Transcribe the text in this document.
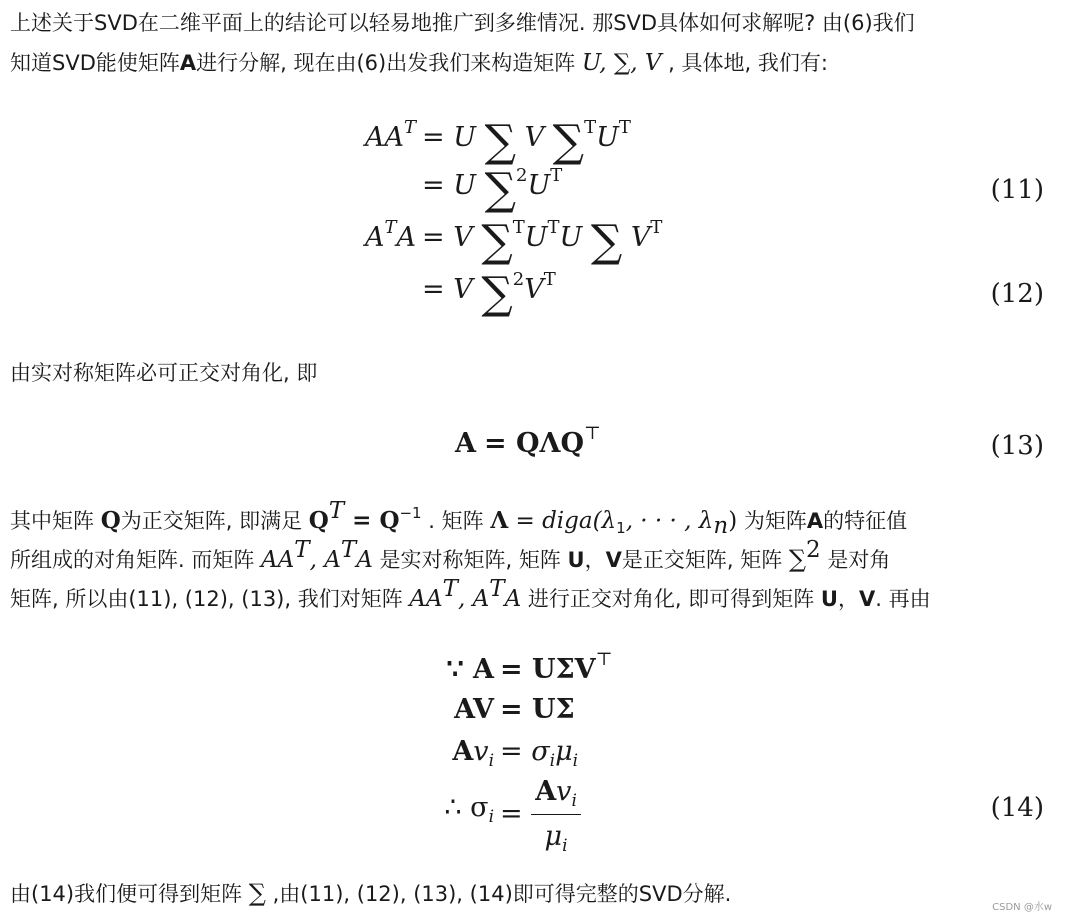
上述关于SVD在二维平面上的结论可以轻易地推广到多维情况. 那SVD具体如何求解呢? 由(6)我们
知道SVD能使矩阵A进行分解, 现在由(6)出发我们来构造矩阵 U, ∑, V , 具体地, 我们有:
$AA^T = U$ ∑ V $\sum^TU^T$
= U $\sum^2U^T$	(11)
$A^TA = V$ $\sum^TU^TU$ ∑ $V^T$
= V $\sum^2V^T$	(12)
由实对称矩阵必可正交对角化, 即
A = QΛQ⊤	(13)
其中矩阵 Q为正交矩阵, 即满足 $Q^T = Q^{-1}$ . 矩阵 $\Lambda = diga(\lambda_1$, · · · , $\lambda_n$) 为矩阵A的特征值
所组成的对角矩阵. 而矩阵 $AA^T$, $A^TA$ 是实对称矩阵, 矩阵 U，V是正交矩阵, 矩阵 ∑$^2$ 是对角
矩阵, 所以由(11), (12), (13), 我们对矩阵 $AA^T$, $A^TA$ 进行正交对角化, 即可得到矩阵 U，V. 再由
∵ A = UΣV⊤
AV = UΣ
$Av_i = \sigma_i\mu_i$
∴ $\sigma_i = \frac{Av_i}{\mu_i}$	(14)
由(14)我们便可得到矩阵 ∑ ,由(11), (12), (13), (14)即可得完整的SVD分解.
CSDN @水w
